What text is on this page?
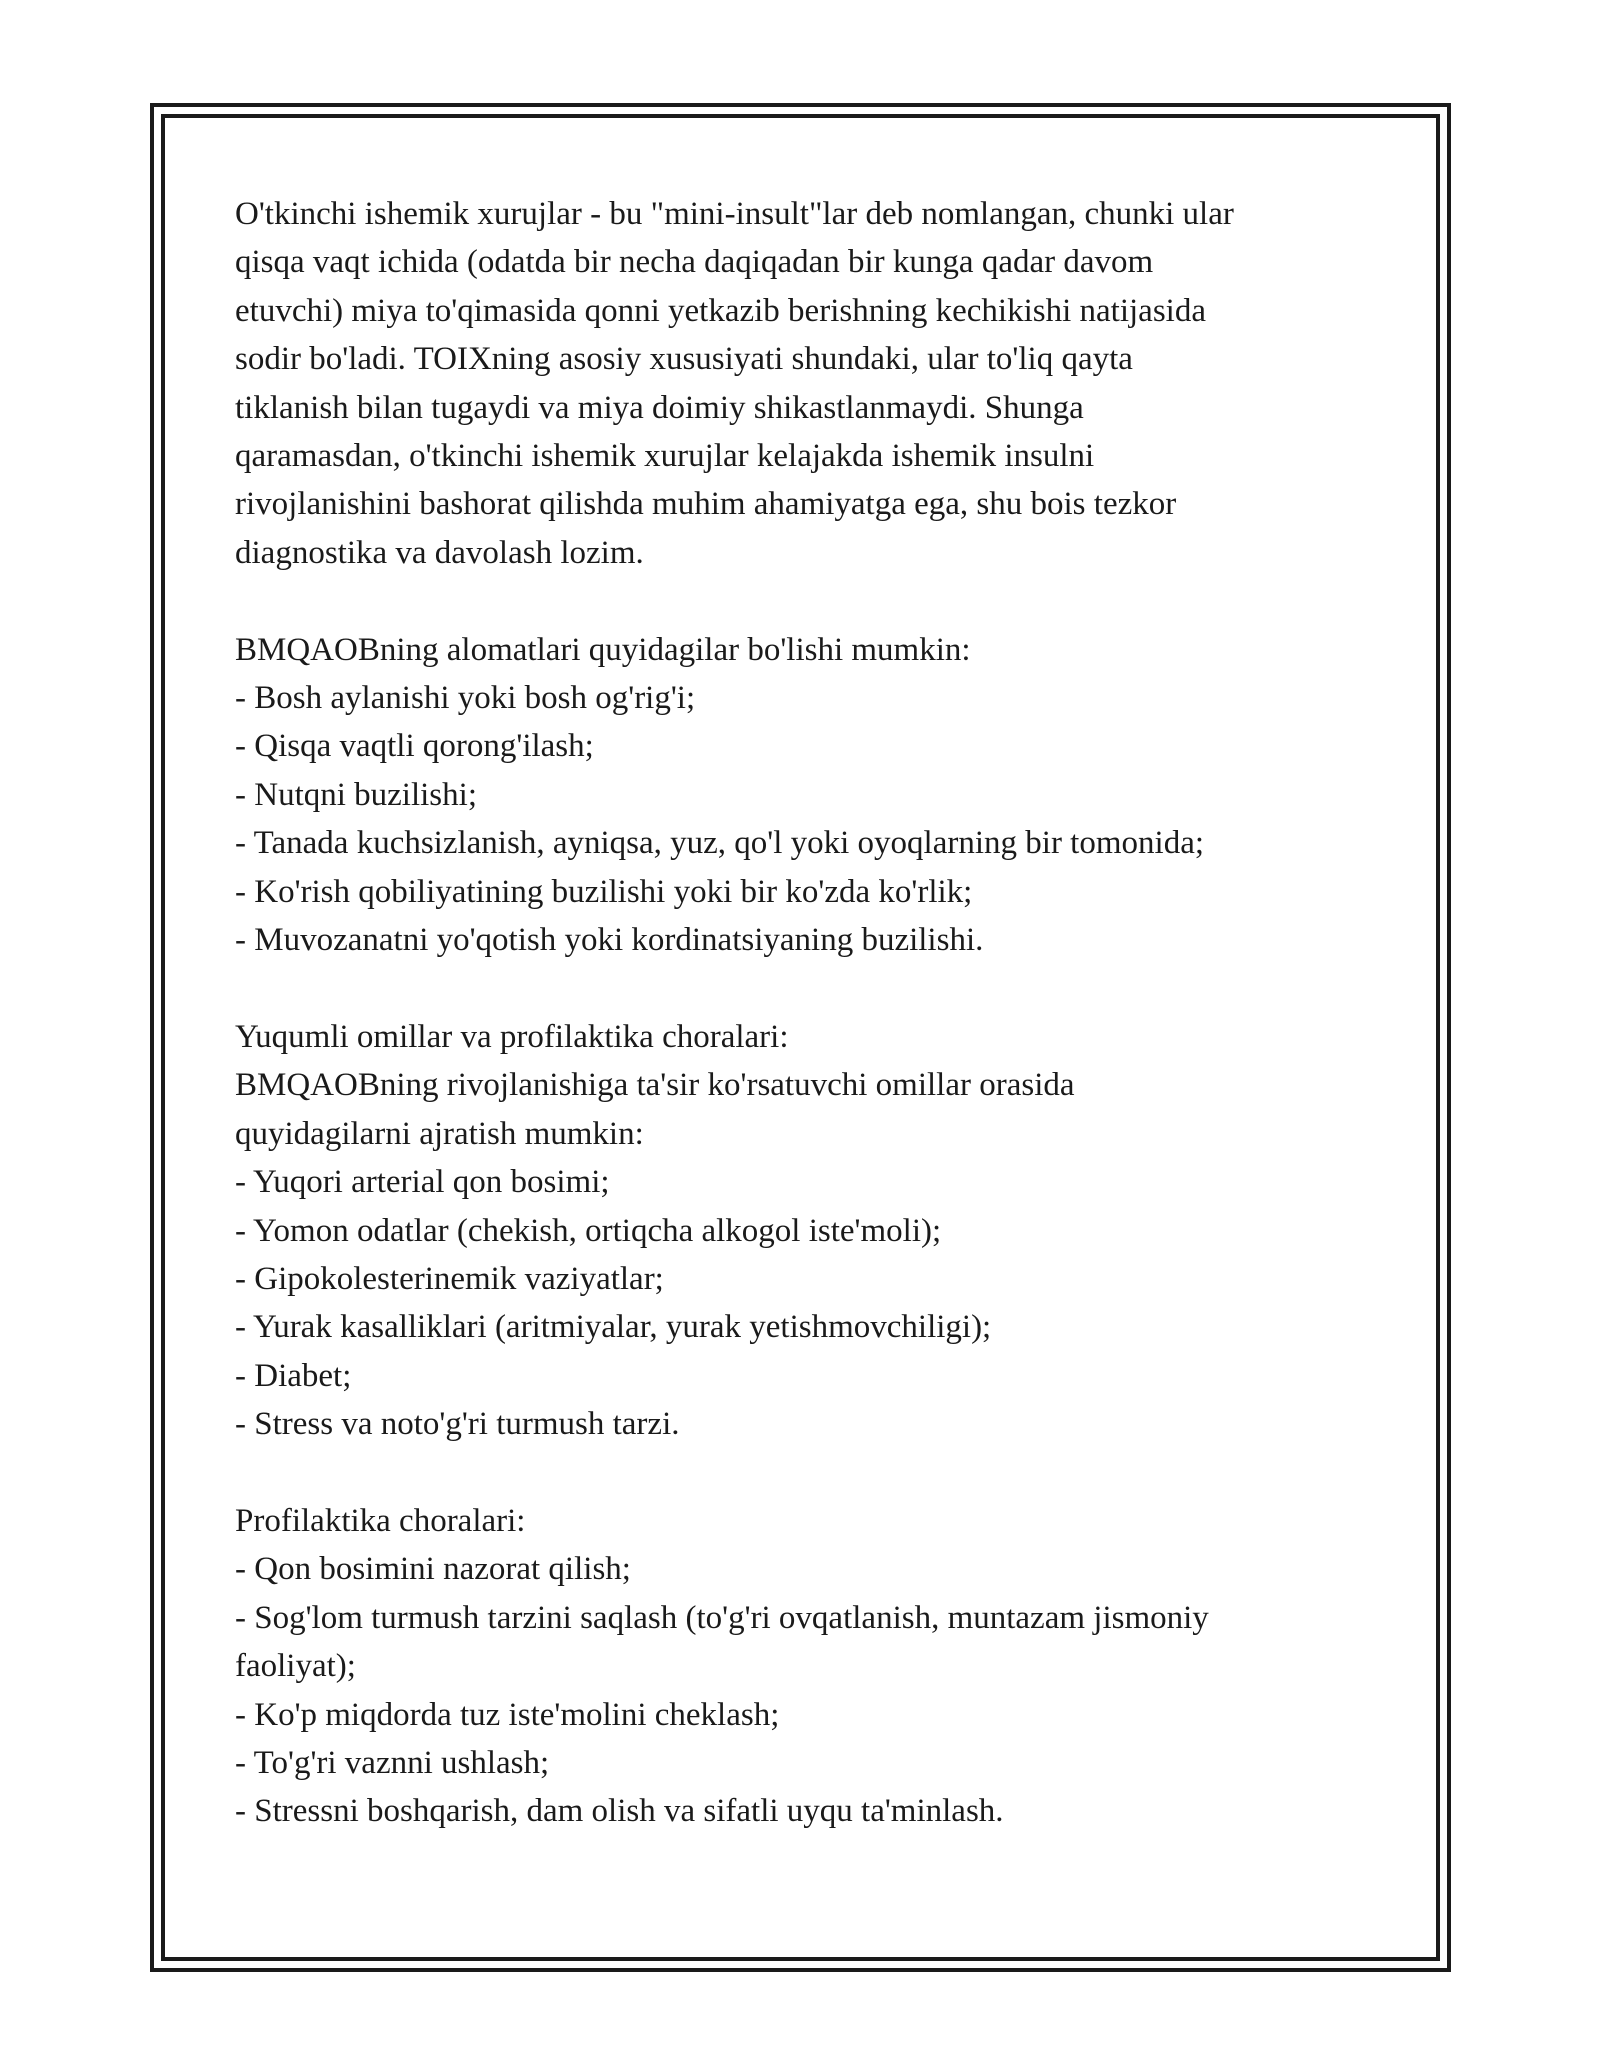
O'tkinchi ishemik xurujlar - bu "mini-insult"lar deb nomlangan, chunki ular
qisqa vaqt ichida (odatda bir necha daqiqadan bir kunga qadar davom
etuvchi) miya to'qimasida qonni yetkazib berishning kechikishi natijasida
sodir bo'ladi. TOIXning asosiy xususiyati shundaki, ular to'liq qayta
tiklanish bilan tugaydi va miya doimiy shikastlanmaydi. Shunga
qaramasdan, o'tkinchi ishemik xurujlar kelajakda ishemik insulni
rivojlanishini bashorat qilishda muhim ahamiyatga ega, shu bois tezkor
diagnostika va davolash lozim.
BMQAOBning alomatlari quyidagilar bo'lishi mumkin:
- Bosh aylanishi yoki bosh og'rig'i;
- Qisqa vaqtli qorong'ilash;
- Nutqni buzilishi;
- Tanada kuchsizlanish, ayniqsa, yuz, qo'l yoki oyoqlarning bir tomonida;
- Ko'rish qobiliyatining buzilishi yoki bir ko'zda ko'rlik;
- Muvozanatni yo'qotish yoki kordinatsiyaning buzilishi.
Yuqumli omillar va profilaktika choralari:
BMQAOBning rivojlanishiga ta'sir ko'rsatuvchi omillar orasida
quyidagilarni ajratish mumkin:
- Yuqori arterial qon bosimi;
- Yomon odatlar (chekish, ortiqcha alkogol iste'moli);
- Gipokolesterinemik vaziyatlar;
- Yurak kasalliklari (aritmiyalar, yurak yetishmovchiligi);
- Diabet;
- Stress va noto'g'ri turmush tarzi.
Profilaktika choralari:
- Qon bosimini nazorat qilish;
- Sog'lom turmush tarzini saqlash (to'g'ri ovqatlanish, muntazam jismoniy
faoliyat);
- Ko'p miqdorda tuz iste'molini cheklash;
- To'g'ri vaznni ushlash;
- Stressni boshqarish, dam olish va sifatli uyqu ta'minlash.
